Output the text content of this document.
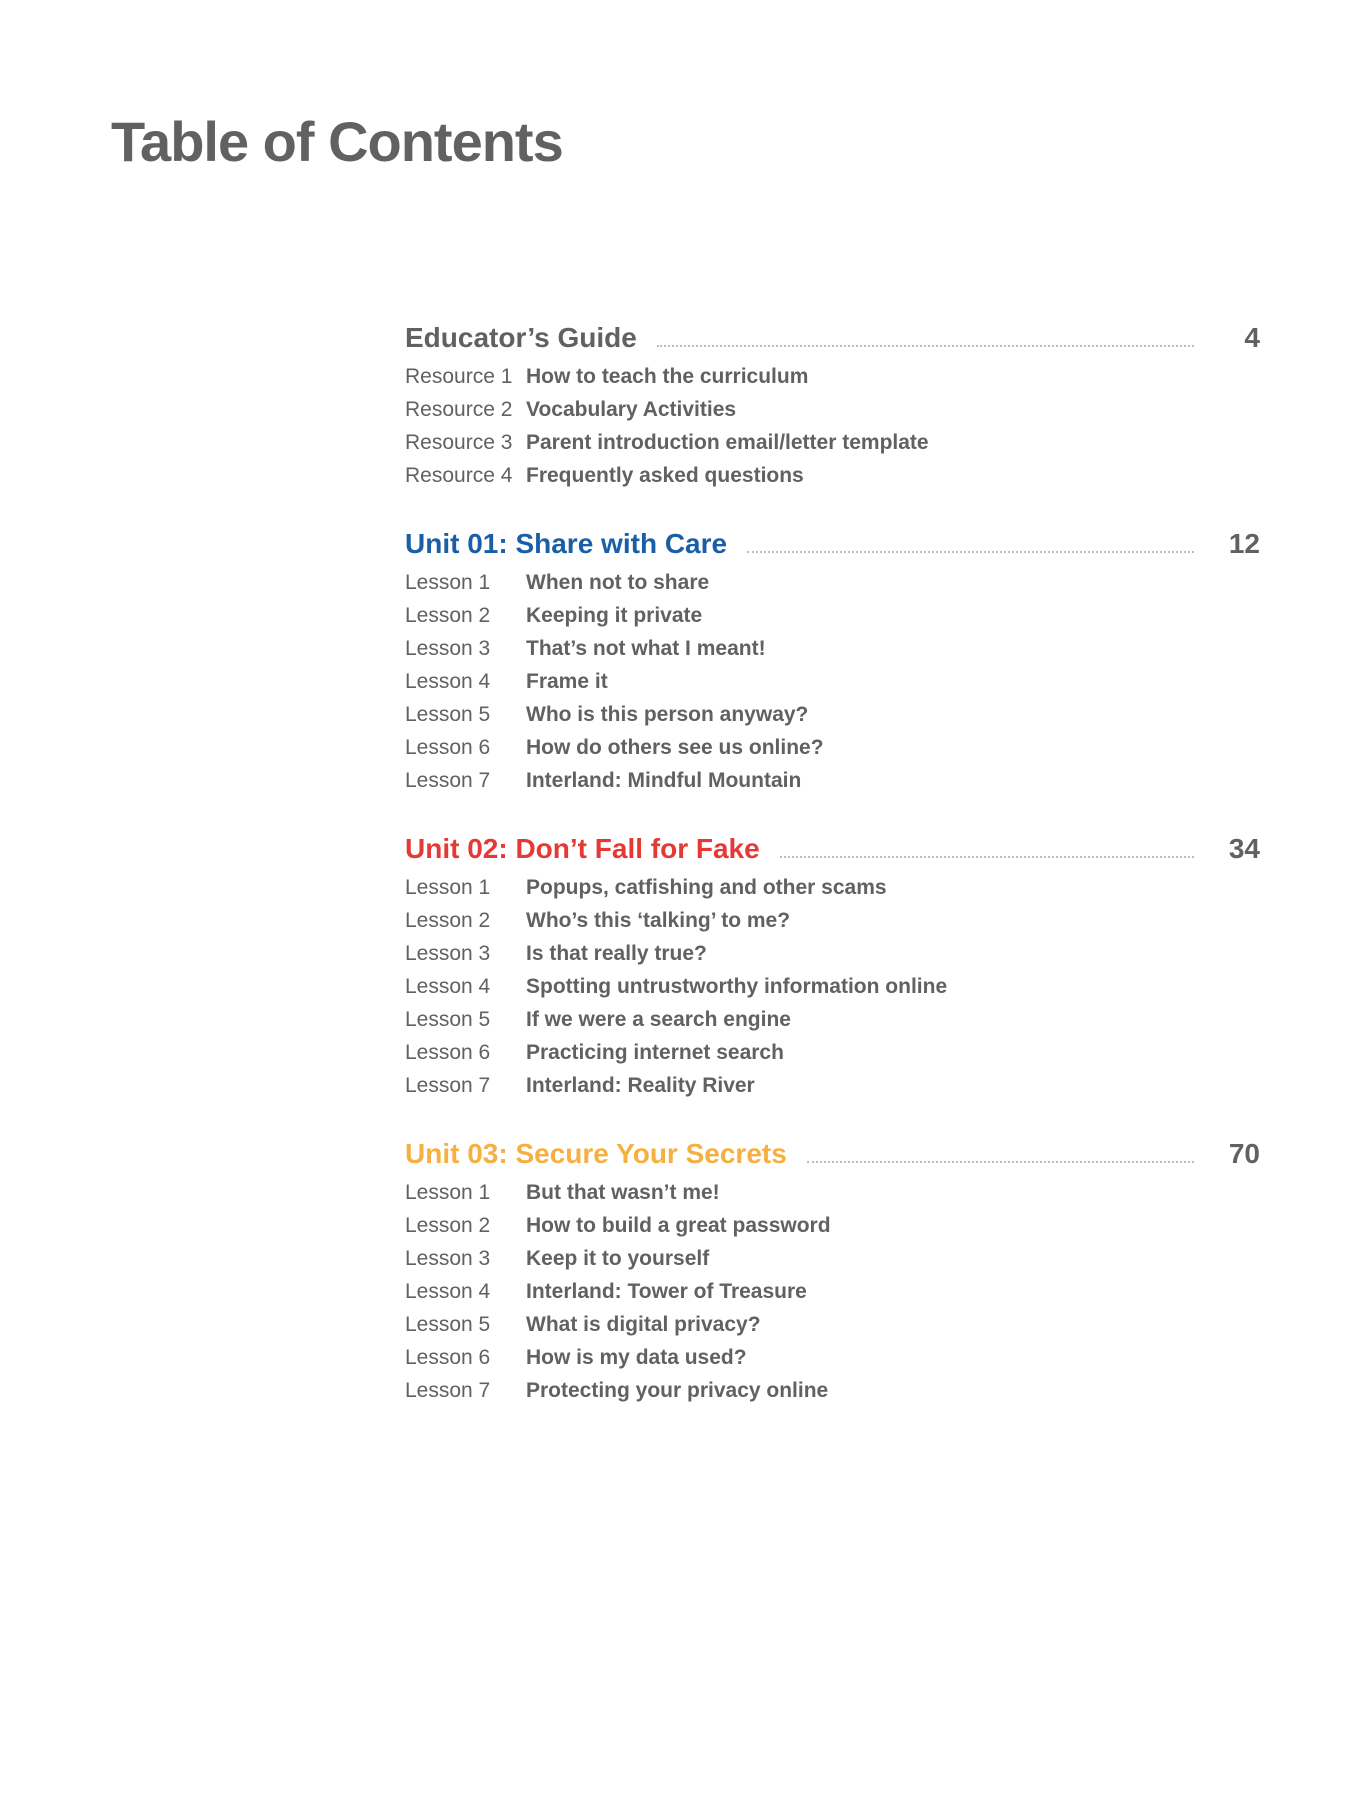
Table of Contents
Educator’s Guide	4
Resource 1 How to teach the curriculum
Resource 2 Vocabulary Activities
Resource 3 Parent introduction email/letter template
Resource 4 Frequently asked questions
Unit 01: Share with Care	12
Lesson 1	When not to share
Lesson 2	Keeping it private
Lesson 3	That’s not what I meant!
Lesson 4	Frame it
Lesson 5	Who is this person anyway?
Lesson 6	How do others see us online?
Lesson 7	Interland: Mindful Mountain
Unit 02: Don’t Fall for Fake	34
Lesson 1	Popups, catfishing and other scams
Lesson 2	Who’s this ‘talking’ to me?
Lesson 3	Is that really true?
Lesson 4	Spotting untrustworthy information online
Lesson 5	If we were a search engine
Lesson 6	Practicing internet search
Lesson 7	Interland: Reality River
Unit 03: Secure Your Secrets	70
Lesson 1	But that wasn’t me!
Lesson 2	How to build a great password
Lesson 3	Keep it to yourself
Lesson 4	Interland: Tower of Treasure
Lesson 5	What is digital privacy?
Lesson 6	How is my data used?
Lesson 7	Protecting your privacy online
